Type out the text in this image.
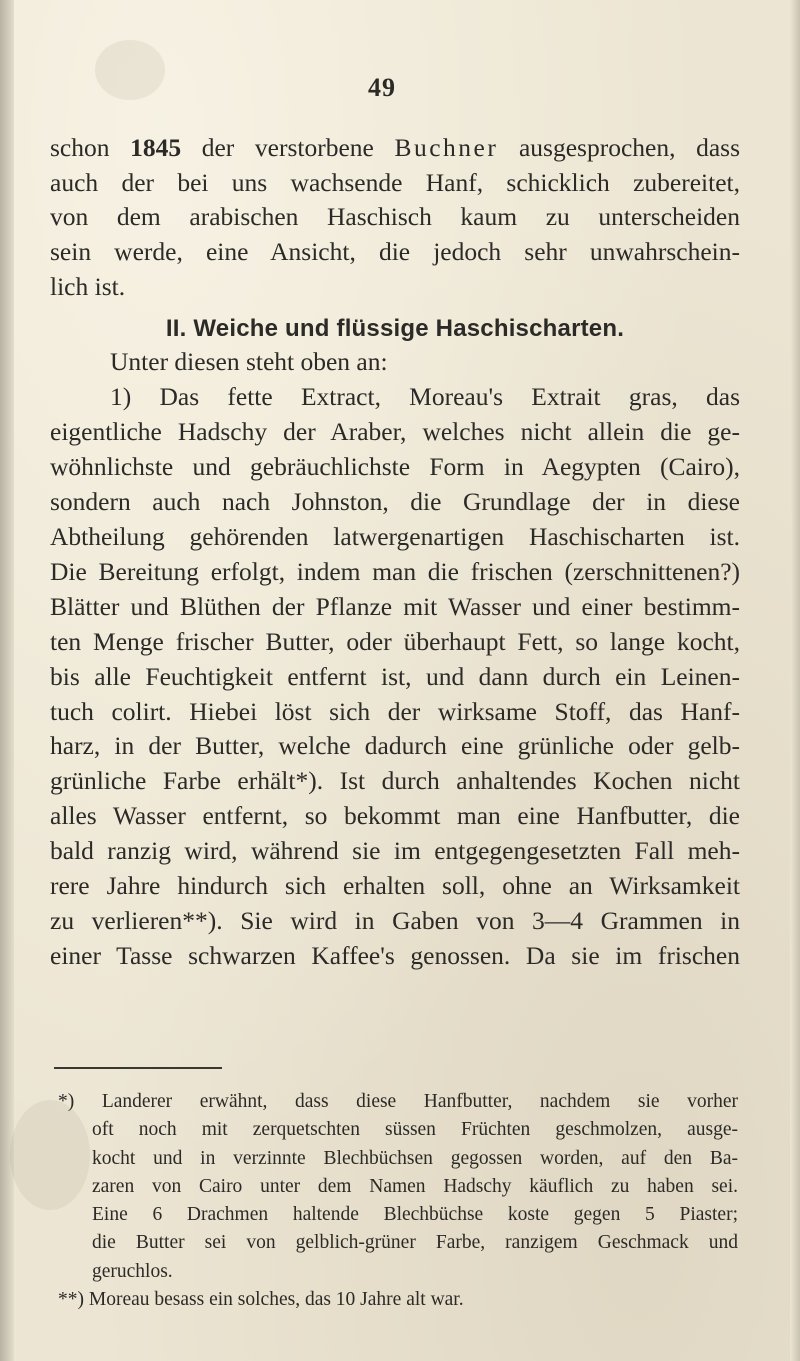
49
schon 1845 der verstorbene Buchner ausgesprochen, dass
auch der bei uns wachsende Hanf, schicklich zubereitet,
von dem arabischen Haschisch kaum zu unterscheiden
sein werde, eine Ansicht, die jedoch sehr unwahrschein-
lich ist.
II. Weiche und flüssige Haschischarten.
Unter diesen steht oben an:
1) Das fette Extract, Moreau's Extrait gras, das
eigentliche Hadschy der Araber, welches nicht allein die ge-
wöhnlichste und gebräuchlichste Form in Aegypten (Cairo),
sondern auch nach Johnston, die Grundlage der in diese
Abtheilung gehörenden latwergenartigen Haschischarten ist.
Die Bereitung erfolgt, indem man die frischen (zerschnittenen?)
Blätter und Blüthen der Pflanze mit Wasser und einer bestimm-
ten Menge frischer Butter, oder überhaupt Fett, so lange kocht,
bis alle Feuchtigkeit entfernt ist, und dann durch ein Leinen-
tuch colirt. Hiebei löst sich der wirksame Stoff, das Hanf-
harz, in der Butter, welche dadurch eine grünliche oder gelb-
grünliche Farbe erhält*). Ist durch anhaltendes Kochen nicht
alles Wasser entfernt, so bekommt man eine Hanfbutter, die
bald ranzig wird, während sie im entgegengesetzten Fall meh-
rere Jahre hindurch sich erhalten soll, ohne an Wirksamkeit
zu verlieren**). Sie wird in Gaben von 3—4 Grammen in
einer Tasse schwarzen Kaffee's genossen. Da sie im frischen
*) Landerer erwähnt, dass diese Hanfbutter, nachdem sie vorher
oft noch mit zerquetschten süssen Früchten geschmolzen, ausge-
kocht und in verzinnte Blechbüchsen gegossen worden, auf den Ba-
zaren von Cairo unter dem Namen Hadschy käuflich zu haben sei.
Eine 6 Drachmen haltende Blechbüchse koste gegen 5 Piaster;
die Butter sei von gelblich-grüner Farbe, ranzigem Geschmack und
geruchlos.
**) Moreau besass ein solches, das 10 Jahre alt war.
